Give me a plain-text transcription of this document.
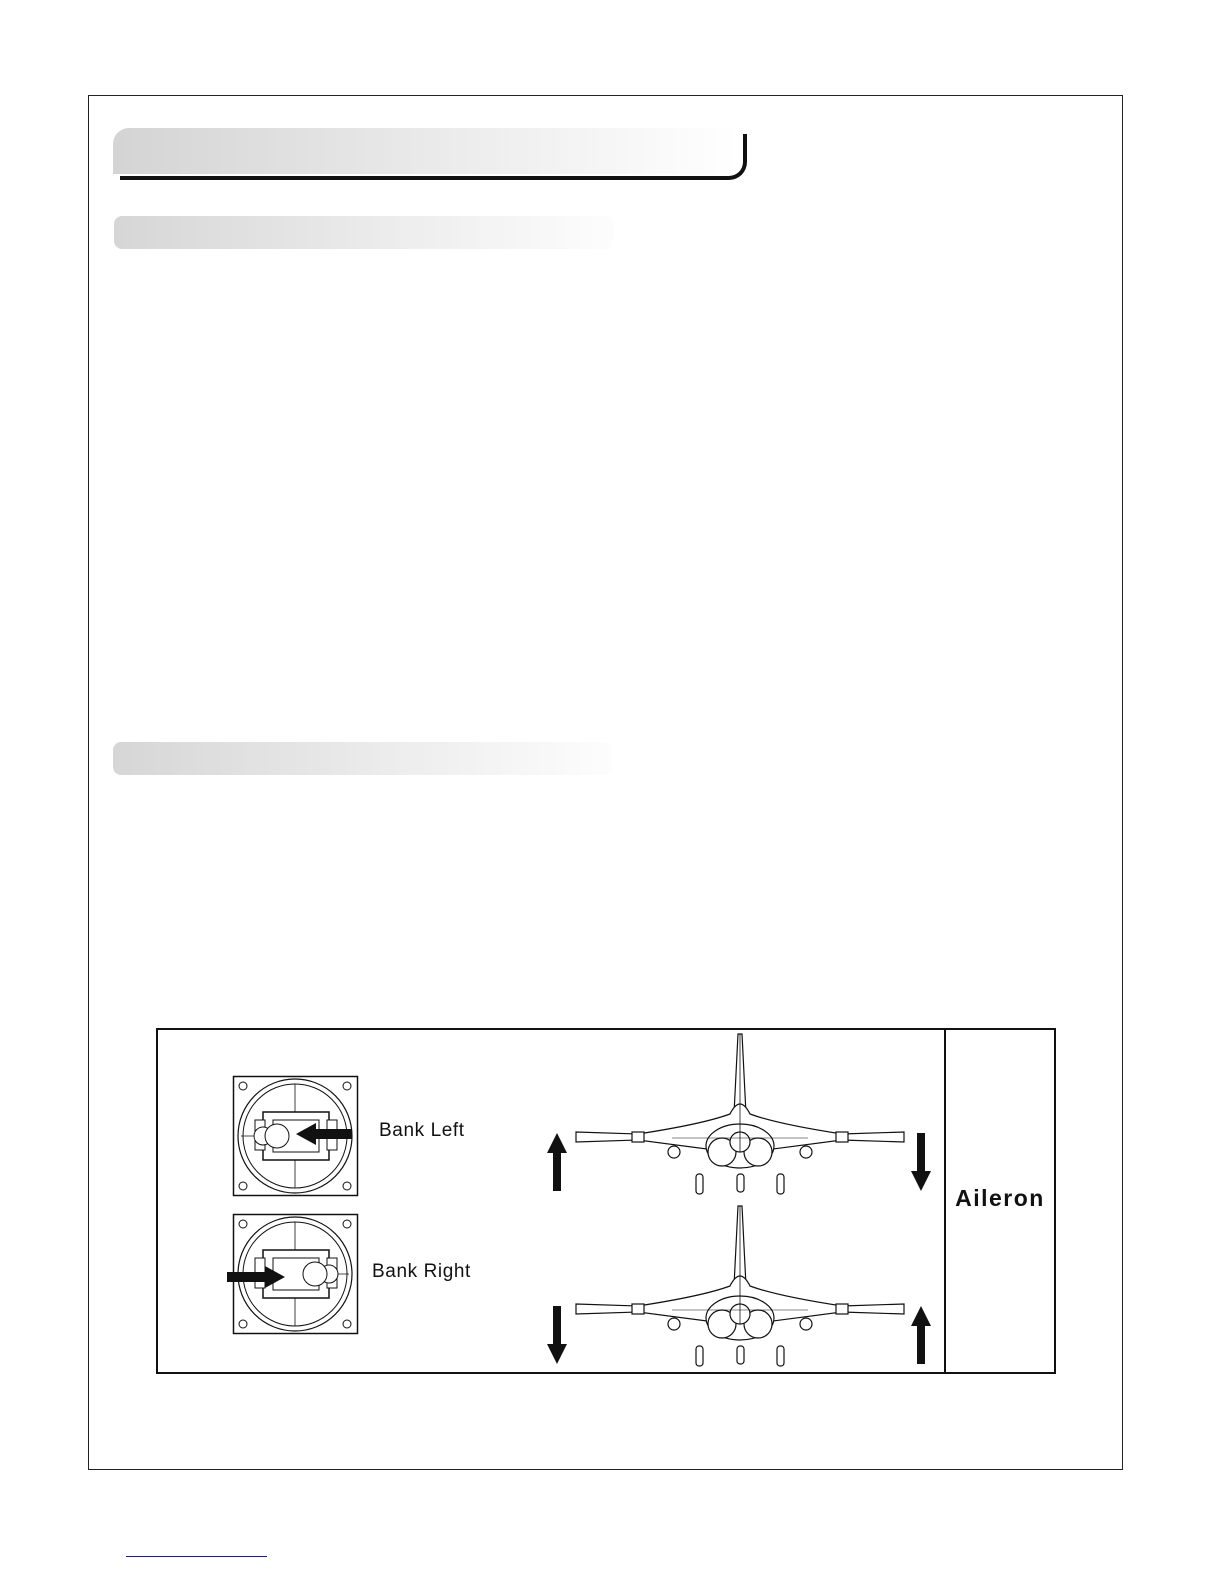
Aileron
Bank Left
Bank Right
